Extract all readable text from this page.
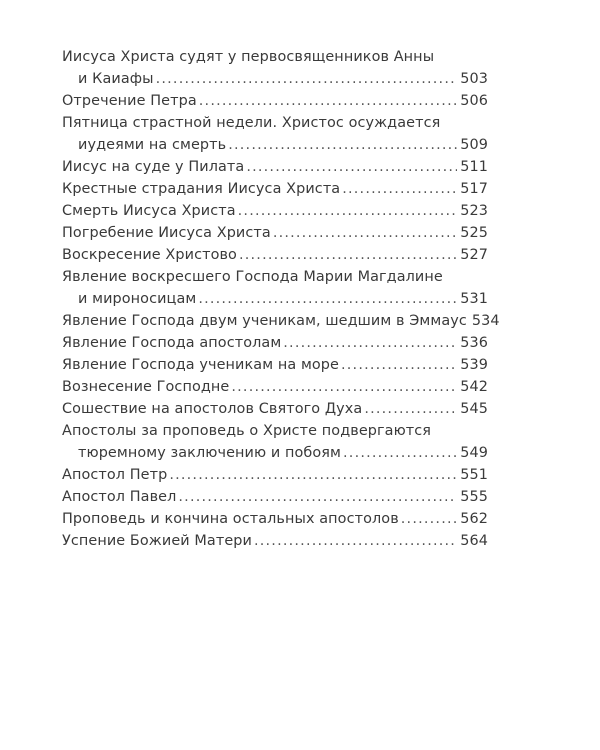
Иисуса Христа судят у первосвященников Анны
и Каиафы .....	503
Отречение Петра .....	506
Пятница страстной недели. Христос осуждается
иудеями на смерть .....	509
Иисус на суде у Пилата .....	511
Крестные страдания Иисуса Христа .....	517
Смерть Иисуса Христа .....	523
Погребение Иисуса Христа .....	525
Воскресение Христово .....	527
Явление воскресшего Господа Марии Магдалине
и мироносицам .....	531
Явление Господа двум ученикам, шедшим в Эммаус 534
Явление Господа апостолам .....	536
Явление Господа ученикам на море .....	539
Вознесение Господне .....	542
Сошествие на апостолов Святого Духа .....	545
Апостолы за проповедь о Христе подвергаются
тюремному заключению и побоям .....	549
Апостол Петр .....	551
Апостол Павел .....	555
Проповедь и кончина остальных апостолов .....	562
Успение Божией Матери .....	564
